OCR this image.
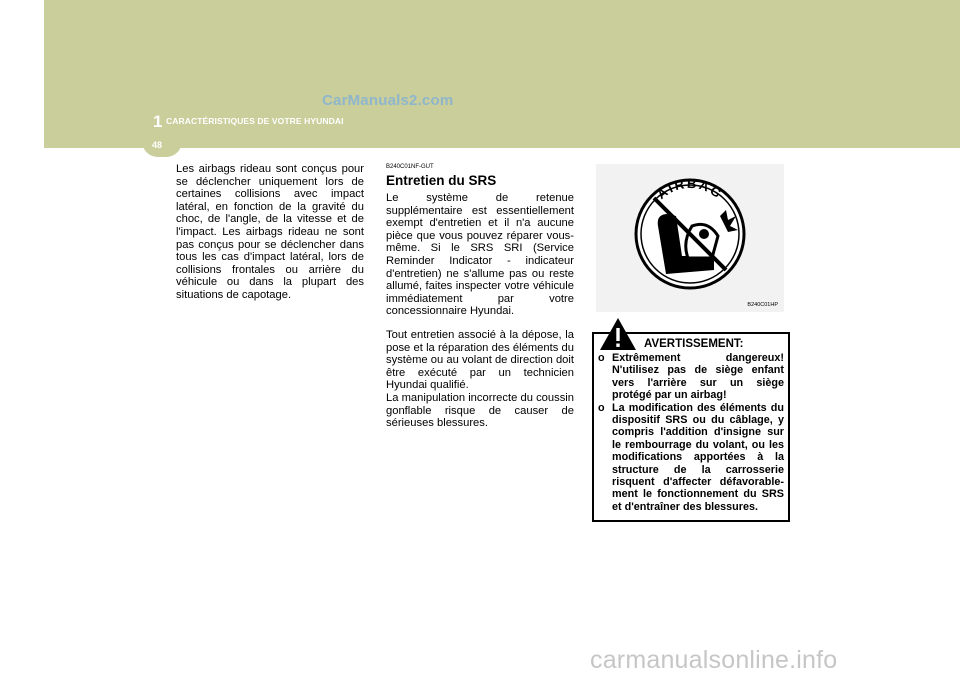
CarManuals2.com
1 CARACTÉRISTIQUES DE VOTRE HYUNDAI
48

Les airbags rideau sont conçus pour se déclencher uniquement lors de certaines collisions avec impact latéral, en fonction de la gravité du choc, de l'angle, de la vitesse et de l'impact. Les airbags rideau ne sont pas conçus pour se déclencher dans tous les cas d'impact latéral, lors de collisions frontales ou arrière du véhicule ou dans la plupart des situations de capotage.

B240C01NF-GUT

Entretien du SRS

Le système de retenue supplémentaire est essentiellement exempt d'entretien et il n'a aucune pièce que vous pouvez réparer vous-même. Si le SRS SRI (Service Reminder Indicator - indicateur d'entretien) ne s'allume pas ou reste allumé, faites inspecter votre véhicule immédiatement par votre concessionnaire Hyundai.

Tout entretien associé à la dépose, la pose et la réparation des éléments du système ou au volant de direction doit être exécuté par un technicien Hyundai qualifié.

La manipulation incorrecte du coussin gonflable risque de causer de sérieuses blessures.

AIRBAG
B240C01HP
AVERTISSEMENT:
o Extrêmement dangereux! N'utilisez pas de siège enfant vers l'arrière sur un siège protégé par un airbag!
o La modification des éléments du dispositif SRS ou du câblage, y compris l'addition d'insigne sur le rembourrage du volant, ou les modifications apportées à la structure de la carrosserie risquent d'affecter défavorable-ment le fonctionnement du SRS et d'entraîner des blessures.
carmanualsonline.info
